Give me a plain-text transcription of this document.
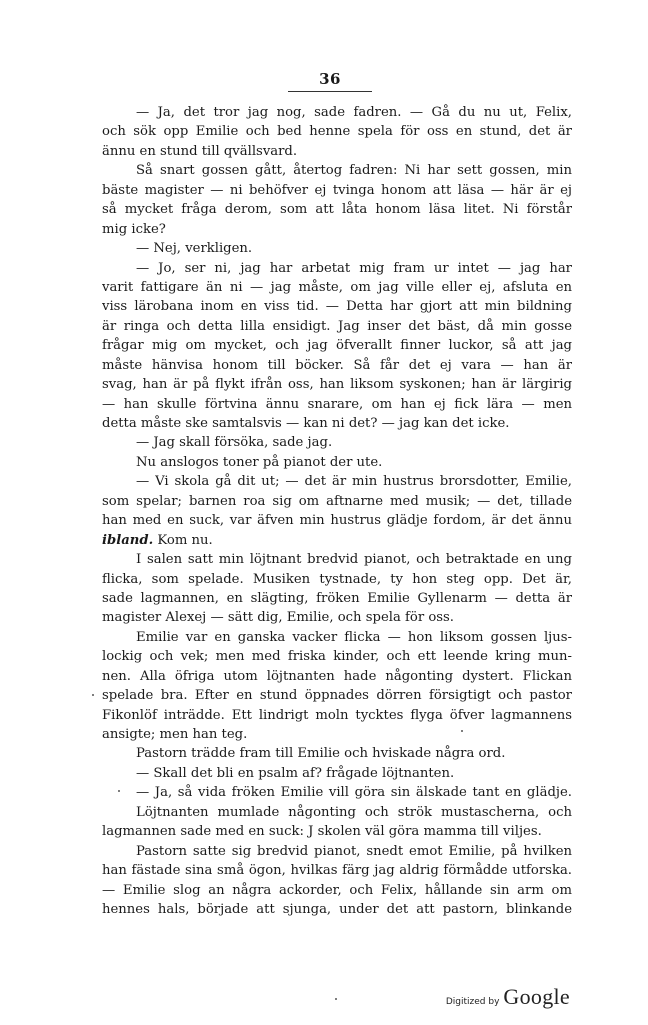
36
— Ja, det tror jag nog, sade fadren. — Gå du nu ut, Felix,
och sök opp Emilie och bed henne spela för oss en stund, det är
ännu en stund till qvällsvard.
Så snart gossen gått, återtog fadren: Ni har sett gossen, min
bäste magister — ni behöfver ej tvinga honom att läsa — här är ej
så mycket fråga derom, som att låta honom läsa litet. Ni förstår
mig icke?
— Nej, verkligen.
— Jo, ser ni, jag har arbetat mig fram ur intet — jag har
varit fattigare än ni — jag måste, om jag ville eller ej, afsluta en
viss lärobana inom en viss tid. — Detta har gjort att min bildning
är ringa och detta lilla ensidigt. Jag inser det bäst, då min gosse
frågar mig om mycket, och jag öfverallt finner luckor, så att jag
måste hänvisa honom till böcker. Så får det ej vara — han är
svag, han är på flykt ifrån oss, han liksom syskonen; han är lärgirig
— han skulle förtvina ännu snarare, om han ej fick lära — men
detta måste ske samtalsvis — kan ni det? — jag kan det icke.
— Jag skall försöka, sade jag.
Nu anslogos toner på pianot der ute.
— Vi skola gå dit ut; — det är min hustrus brorsdotter, Emilie,
som spelar; barnen roa sig om aftnarne med musik; — det, tillade
han med en suck, var äfven min hustrus glädje fordom, är det ännu
ibland. Kom nu.
I salen satt min löjtnant bredvid pianot, och betraktade en ung
flicka, som spelade. Musiken tystnade, ty hon steg opp. Det är,
sade lagmannen, en slägting, fröken Emilie Gyllenarm — detta är
magister Alexej — sätt dig, Emilie, och spela för oss.
Emilie var en ganska vacker flicka — hon liksom gossen ljus-
lockig och vek; men med friska kinder, och ett leende kring mun-
nen. Alla öfriga utom löjtnanten hade någonting dystert. Flickan
spelade bra. Efter en stund öppnades dörren försigtigt och pastor
Fikonlöf inträdde. Ett lindrigt moln tycktes flyga öfver lagmannens
ansigte; men han teg.
Pastorn trädde fram till Emilie och hviskade några ord.
— Skall det bli en psalm af? frågade löjtnanten.
— Ja, så vida fröken Emilie vill göra sin älskade tant en glädje.
Löjtnanten mumlade någonting och strök mustascherna, och
lagmannen sade med en suck: J skolen väl göra mamma till viljes.
Pastorn satte sig bredvid pianot, snedt emot Emilie, på hvilken
han fästade sina små ögon, hvilkas färg jag aldrig förmådde utforska.
— Emilie slog an några ackorder, och Felix, hållande sin arm om
hennes hals, började att sjunga, under det att pastorn, blinkande
Digitized by Google
